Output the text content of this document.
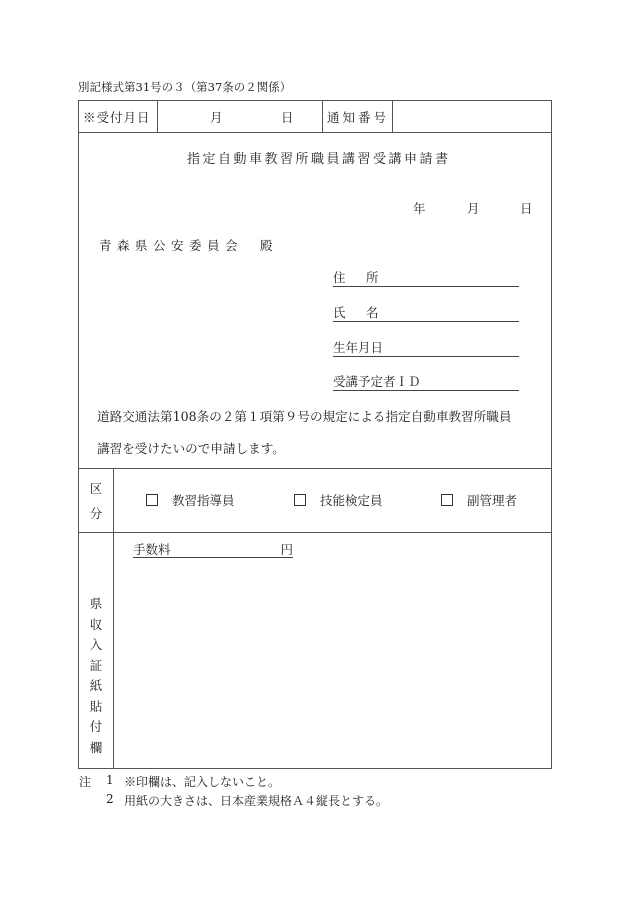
別記様式第31号の３（第37条の２関係）
※受付月日	月	日	通知番号
指定自動車教習所職員講習受講申請書
年	月	日
青森県公安委員会 殿
住　所
氏　名
生年月日
受講予定者ＩＤ
道路交通法第108条の２第１項第９号の規定による指定自動車教習所職員
講習を受けたいので申請します。
区
分
教習指導員	技能検定員	副管理者
県
収
入
証
紙
貼
付
欄
手数料	円
注 1 ※印欄は、記入しないこと。
2 用紙の大きさは、日本産業規格Ａ４縦長とする。
